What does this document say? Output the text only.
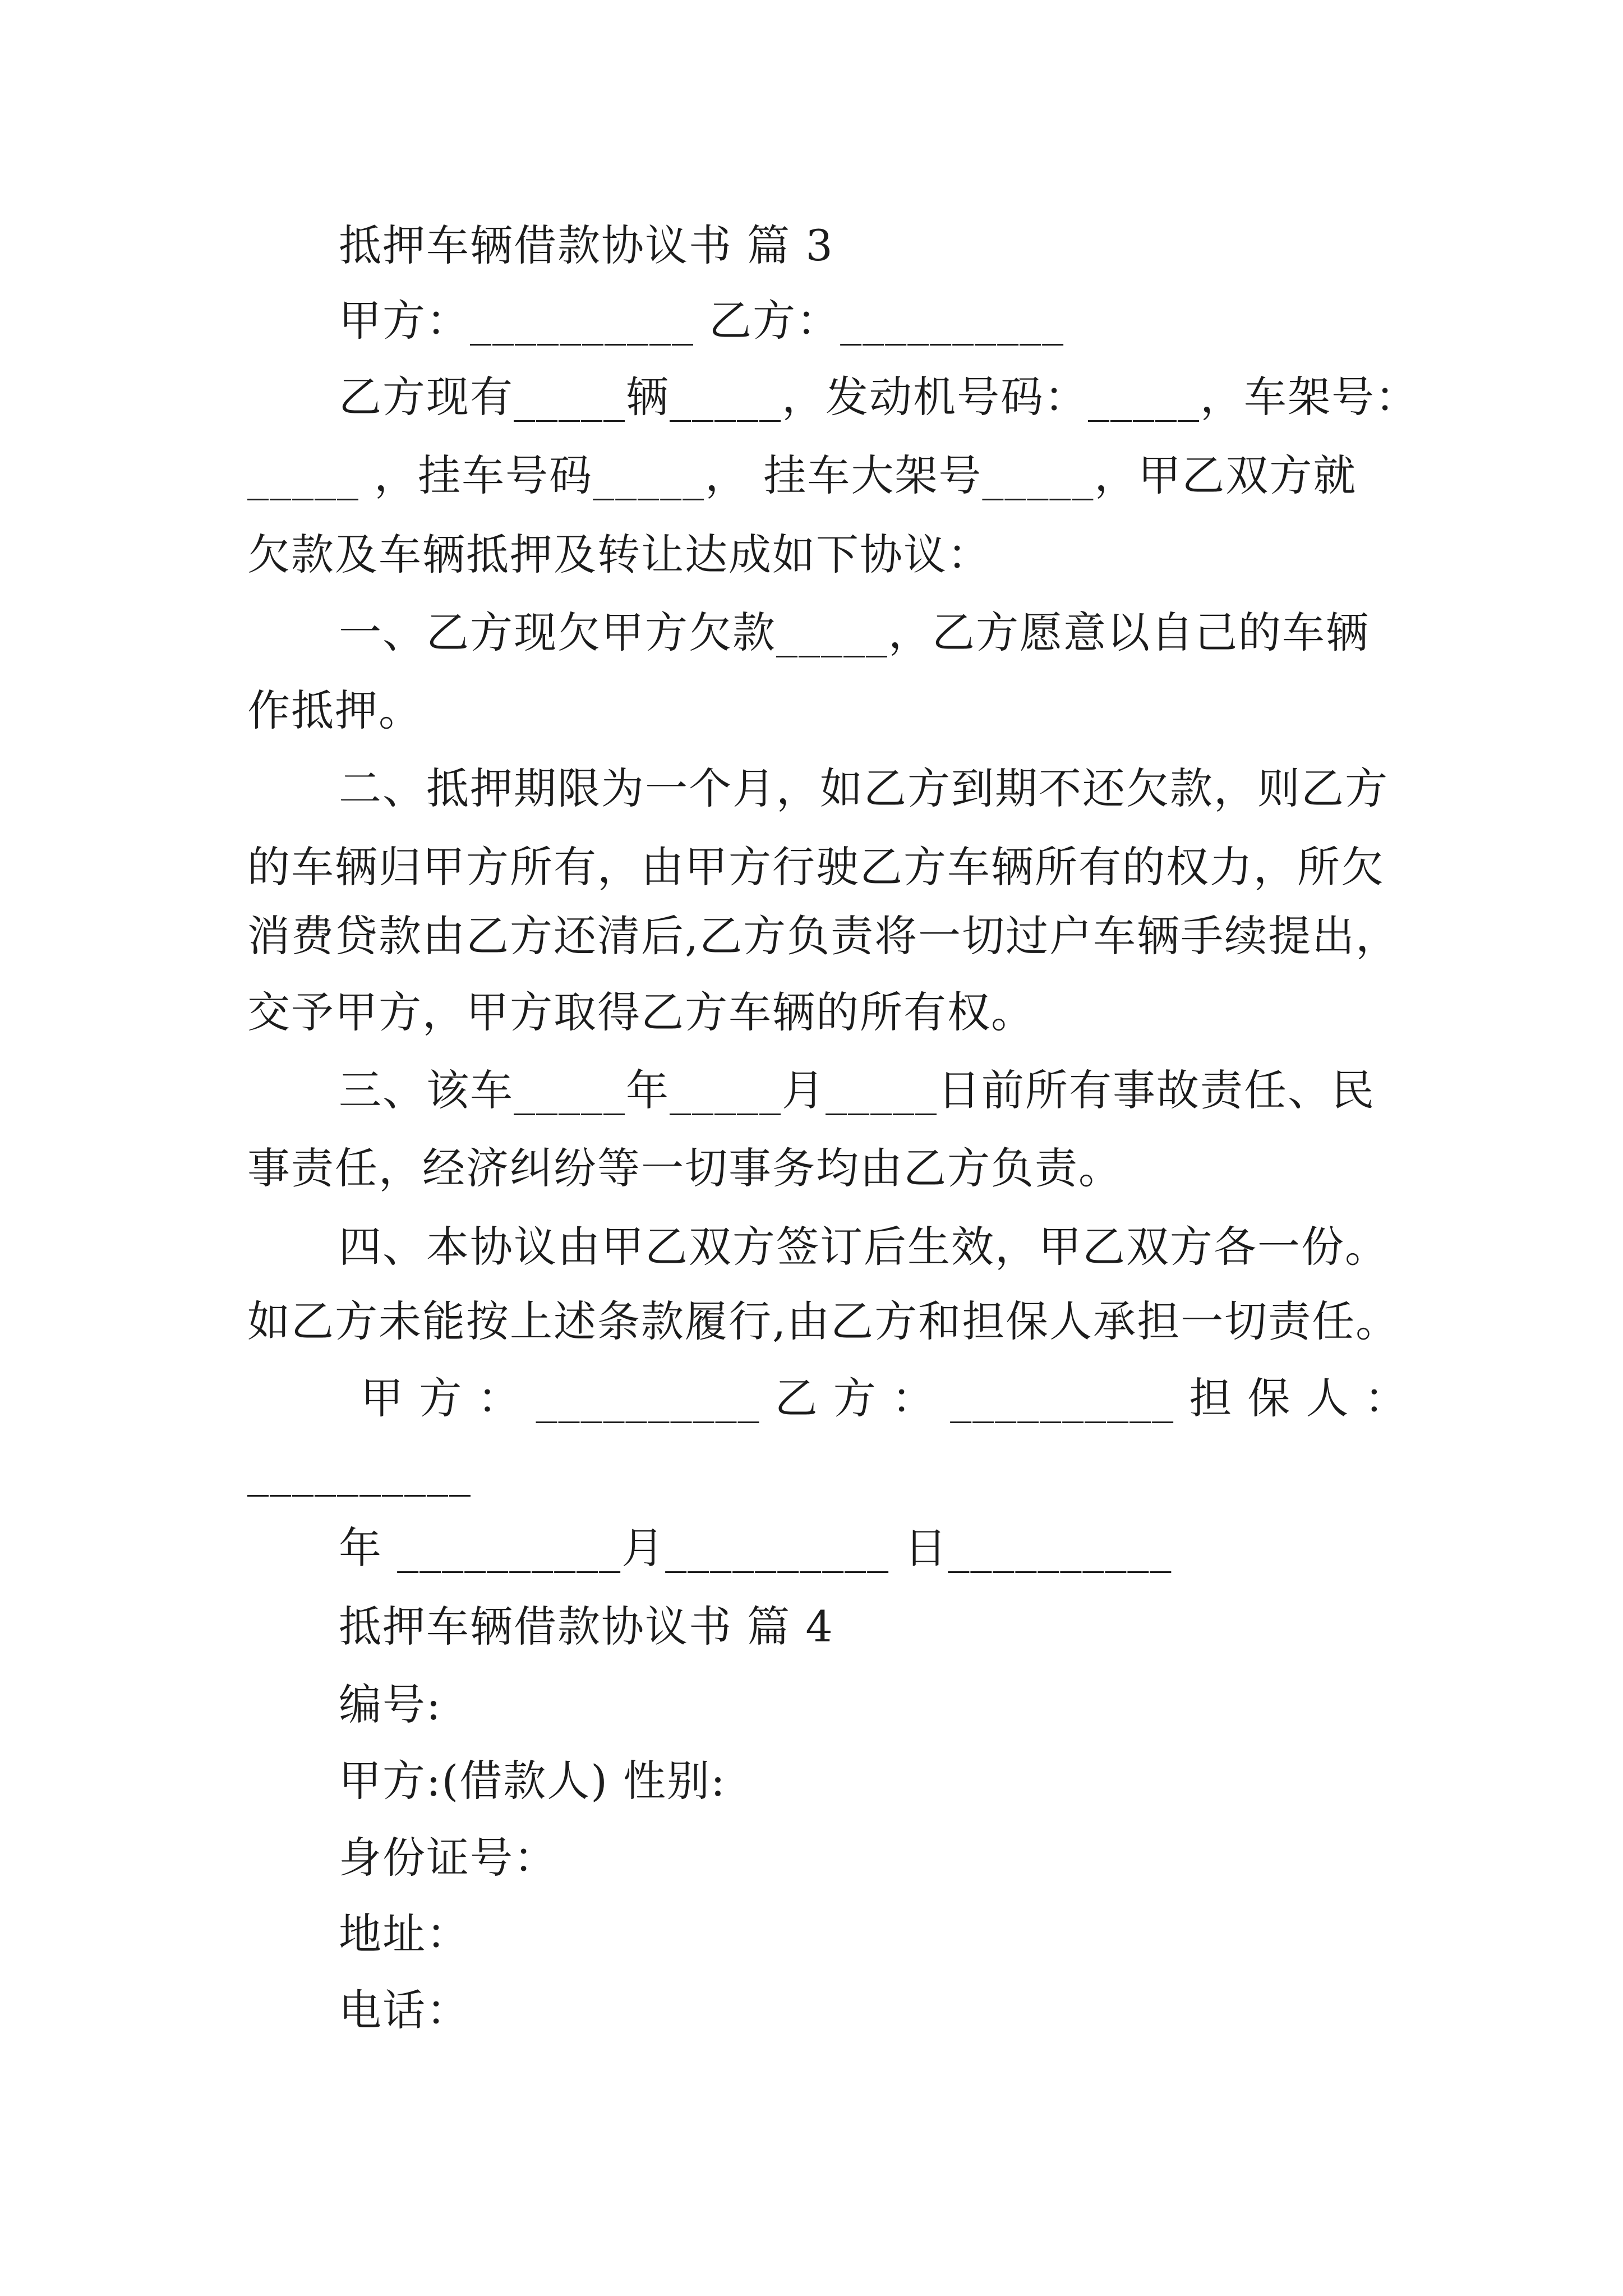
抵押车辆借款协议书 篇 3
甲方：__________ 乙方：__________
乙方现有_____辆_____，发动机号码：_____，车架号：
_____ ，挂车号码_____， 挂车大架号_____，甲乙双方就
欠款及车辆抵押及转让达成如下协议：
一、乙方现欠甲方欠款_____，乙方愿意以自己的车辆
作抵押。
二、抵押期限为一个月，如乙方到期不还欠款，则乙方
的车辆归甲方所有，由甲方行驶乙方车辆所有的权力，所欠
消费贷款由乙方还清后,乙方负责将一切过户车辆手续提出，
交予甲方，甲方取得乙方车辆的所有权。
三、该车_____年_____月_____日前所有事故责任、民
事责任，经济纠纷等一切事务均由乙方负责。
四、本协议由甲乙双方签订后生效，甲乙双方各一份。
如乙方未能按上述条款履行,由乙方和担保人承担一切责任。
甲 方 ： __________ 乙 方 ： __________ 担 保 人 ：
__________
年 __________月__________ 日__________
抵押车辆借款协议书 篇 4
编号:
甲方:(借款人) 性别:
身份证号：
地址：
电话：
